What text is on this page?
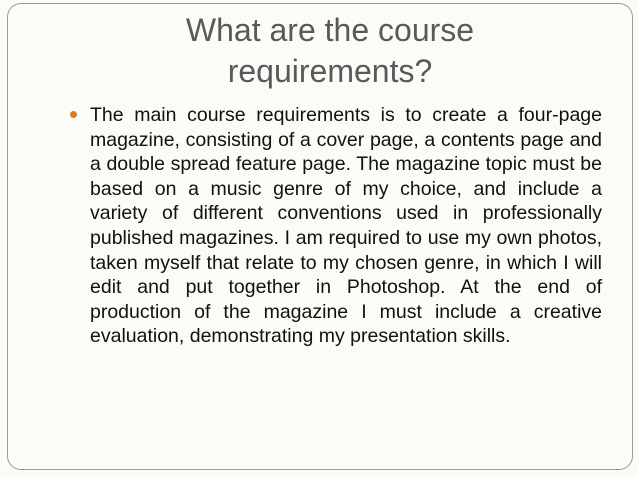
What are the course requirements?
The main course requirements is to create a four-page magazine, consisting of a cover page, a contents page and a double spread feature page. The magazine topic must be based on a music genre of my choice, and include a variety of different conventions used in professionally published magazines. I am required to use my own photos, taken myself that relate to my chosen genre, in which I will edit and put together in Photoshop. At the end of production of the magazine I must include a creative evaluation, demonstrating my presentation skills.
